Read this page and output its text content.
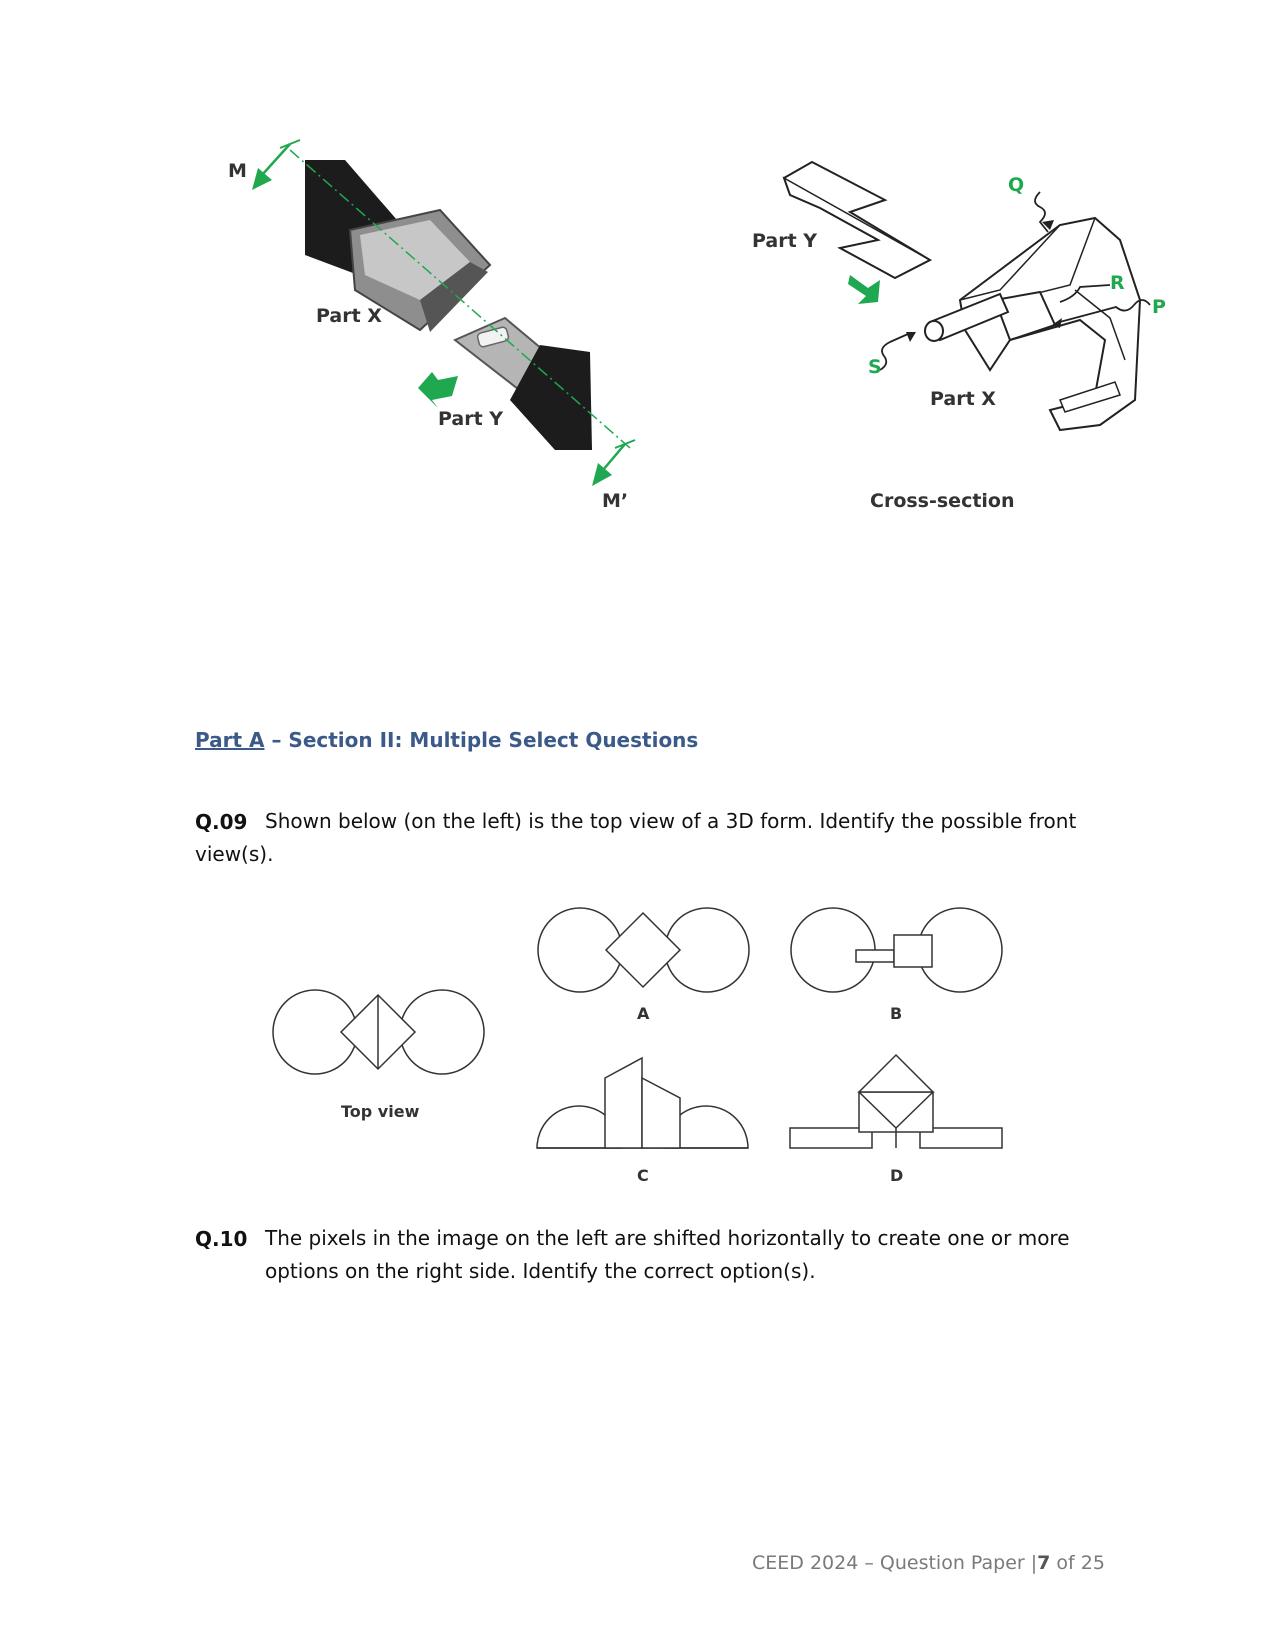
M
M’
Part X
Part Y
Part Y
Part X
Q
R
P
S
Cross-section
Part A – Section II: Multiple Select Questions
Q.09 Shown below (on the left) is the top view of a 3D form. Identify the possible front
view(s).
Top view
A	B
C	D
Q.10 The pixels in the image on the left are shifted horizontally to create one or more
options on the right side. Identify the correct option(s).
CEED 2024 – Question Paper |7 of 25
